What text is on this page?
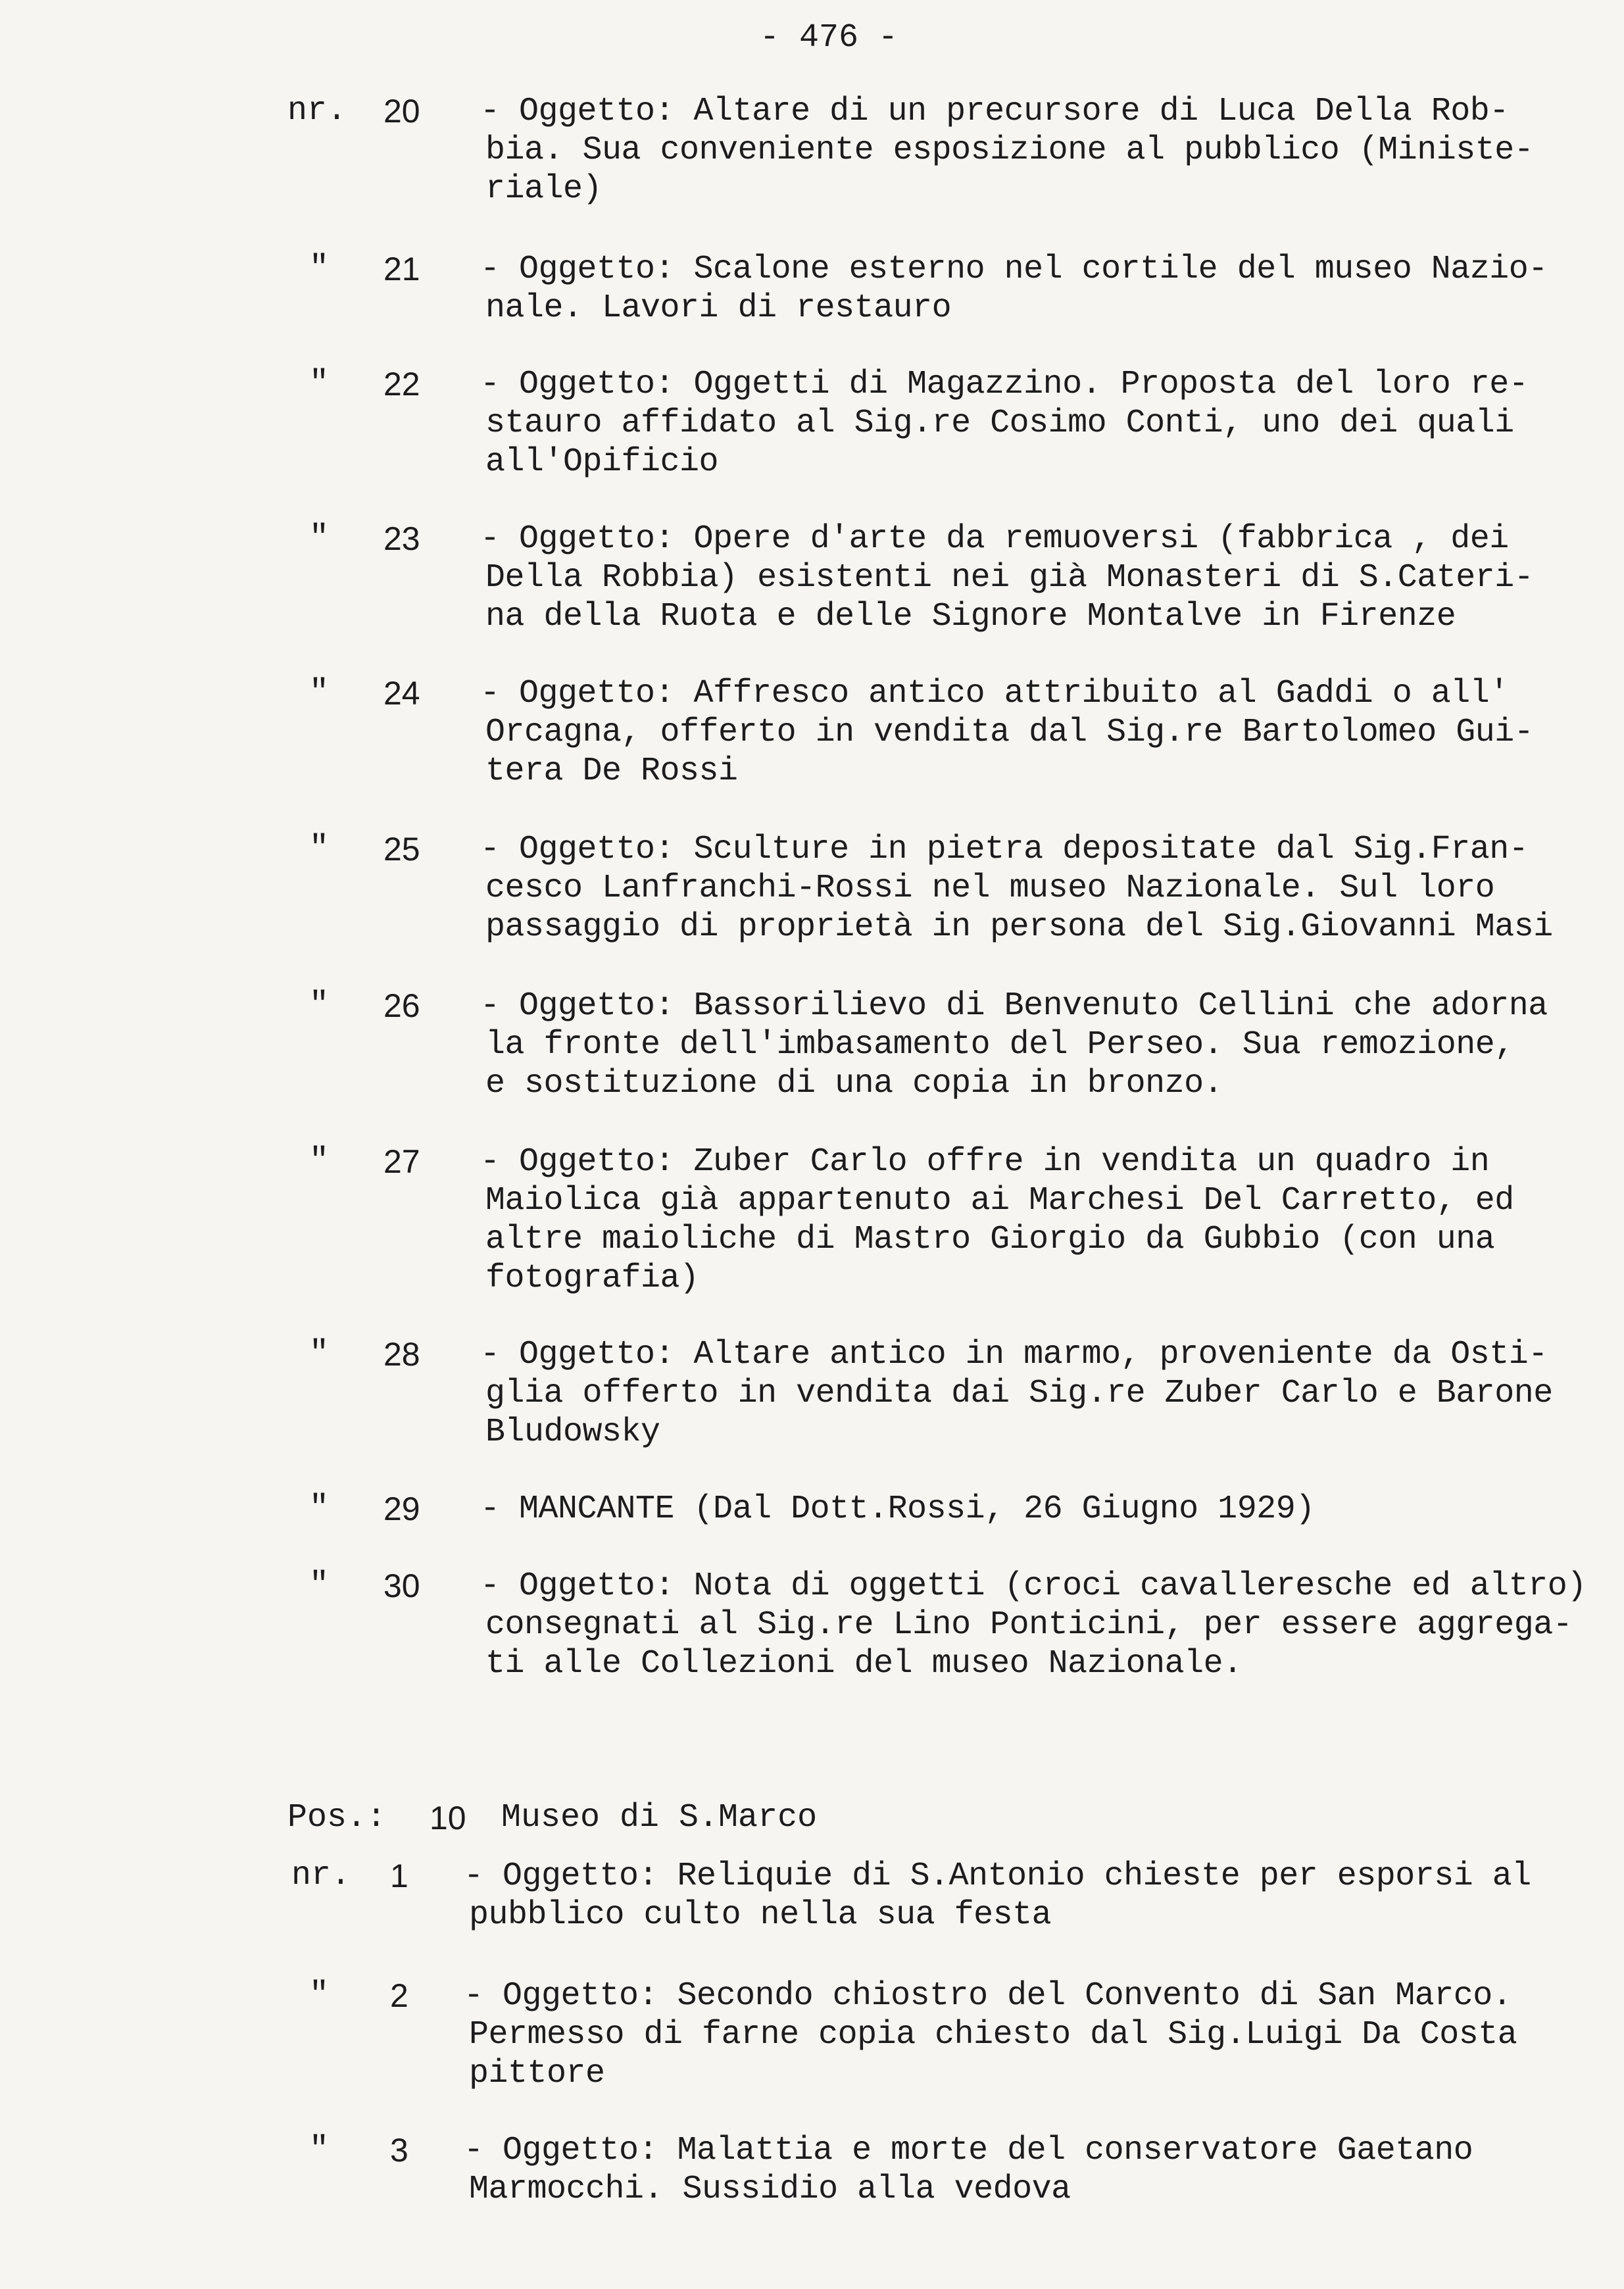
- 476 -
nr. 20 - Oggetto: Altare di un precursore di Luca Della Rob-
bia. Sua conveniente esposizione al pubblico (Ministe-
riale)
" 21 - Oggetto: Scalone esterno nel cortile del museo Nazio-
nale. Lavori di restauro
" 22 - Oggetto: Oggetti di Magazzino. Proposta del loro re-
stauro affidato al Sig.re Cosimo Conti, uno dei quali
all'Opificio
" 23 - Oggetto: Opere d'arte da remuoversi (fabbrica , dei
Della Robbia) esistenti nei già Monasteri di S.Cateri-
na della Ruota e delle Signore Montalve in Firenze
" 24 - Oggetto: Affresco antico attribuito al Gaddi o all'
Orcagna, offerto in vendita dal Sig.re Bartolomeo Gui-
tera De Rossi
" 25 - Oggetto: Sculture in pietra depositate dal Sig.Fran-
cesco Lanfranchi-Rossi nel museo Nazionale. Sul loro
passaggio di proprietà in persona del Sig.Giovanni Masi
" 26 - Oggetto: Bassorilievo di Benvenuto Cellini che adorna
la fronte dell'imbasamento del Perseo. Sua remozione,
e sostituzione di una copia in bronzo.
" 27 - Oggetto: Zuber Carlo offre in vendita un quadro in
Maiolica già appartenuto ai Marchesi Del Carretto, ed
altre maioliche di Mastro Giorgio da Gubbio (con una
fotografia)
" 28 - Oggetto: Altare antico in marmo, proveniente da Osti-
glia offerto in vendita dai Sig.re Zuber Carlo e Barone
Bludowsky
" 29 - MANCANTE (Dal Dott.Rossi, 26 Giugno 1929)
" 30 - Oggetto: Nota di oggetti (croci cavalleresche ed altro)
consegnati al Sig.re Lino Ponticini, per essere aggrega-
ti alle Collezioni del museo Nazionale.

Pos.:

10

Museo di S.Marco

nr. 1 - Oggetto: Reliquie di S.Antonio chieste per esporsi al
pubblico culto nella sua festa
" 2 - Oggetto: Secondo chiostro del Convento di San Marco.
Permesso di farne copia chiesto dal Sig.Luigi Da Costa
pittore
" 3 - Oggetto: Malattia e morte del conservatore Gaetano
Marmocchi. Sussidio alla vedova
